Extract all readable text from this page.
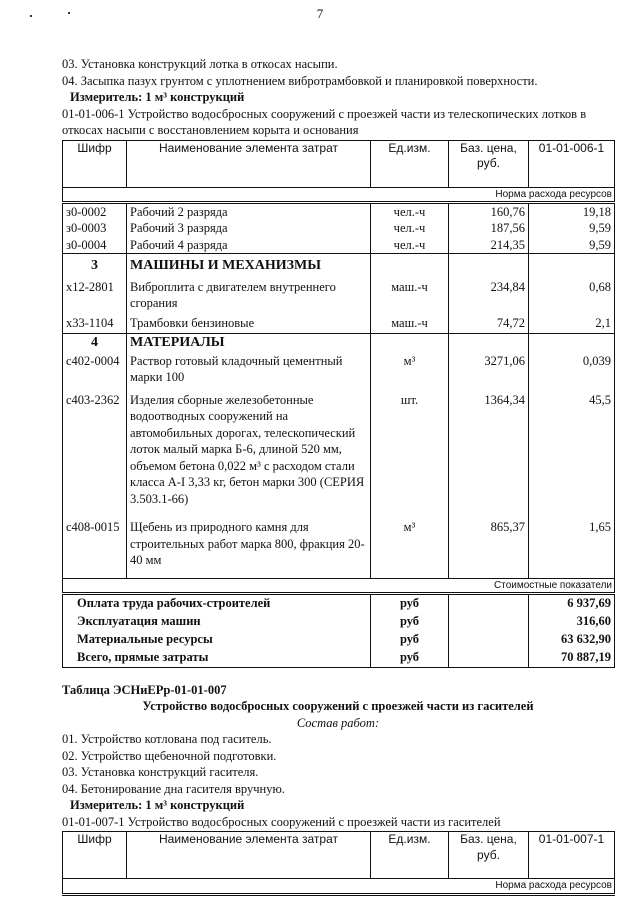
7
03. Установка конструкций лотка в откосах насыпи.
04. Засыпка пазух грунтом с уплотнением вибротрамбовкой и планировкой поверхности.
Измеритель: 1 м³ конструкций
01-01-006-1 Устройство водосбросных сооружений с проезжей части из телескопических лотков в
откосах насыпи с восстановлением корыта и основания
Шифр	Наименование элемента затрат	Ед.изм.	Баз. цена, руб.	01-01-006-1
Норма расхода ресурсов				
з0-0002	Рабочий 2 разряда	чел.-ч	160,76	19,18
з0-0003	Рабочий 3 разряда	чел.-ч	187,56	9,59
з0-0004	Рабочий 4 разряда	чел.-ч	214,35	9,59
3	МАШИНЫ И МЕХАНИЗМЫ			
х12-2801	Виброплита с двигателем внутреннего сгорания	маш.-ч	234,84	0,68
х33-1104	Трамбовки бензиновые	маш.-ч	74,72	2,1
4	МАТЕРИАЛЫ			
с402-0004	Раствор готовый кладочный цементный марки 100	м³	3271,06	0,039
с403-2362	Изделия сборные железобетонные водоотводных сооружений на автомобильных дорогах, телескопический лоток малый марка Б-6, длиной 520 мм, объемом бетона 0,022 м³ с расходом стали класса А-I 3,33 кг, бетон марки 300 (СЕРИЯ 3.503.1-66)	шт.	1364,34	45,5
с408-0015	Щебень из природного камня для строительных работ марка 800, фракция 20-40 мм	м³	865,37	1,65

Стоимостные показатели				
Оплата труда рабочих-строителей		руб		6 937,69
Эксплуатация машин		руб		316,60
Материальные ресурсы		руб		63 632,90
Всего, прямые затраты		руб		70 887,19
Таблица ЭСНиЕРр-01-01-007
Устройство водосбросных сооружений с проезжей части из гасителей
Состав работ:
01. Устройство котлована под гаситель.
02. Устройство щебеночной подготовки.
03. Установка конструкций гасителя.
04. Бетонирование дна гасителя вручную.
Измеритель: 1 м³ конструкций
01-01-007-1 Устройство водосбросных сооружений с проезжей части из гасителей
Шифр	Наименование элемента затрат	Ед.изм.	Баз. цена, руб.	01-01-007-1
Норма расхода ресурсов
